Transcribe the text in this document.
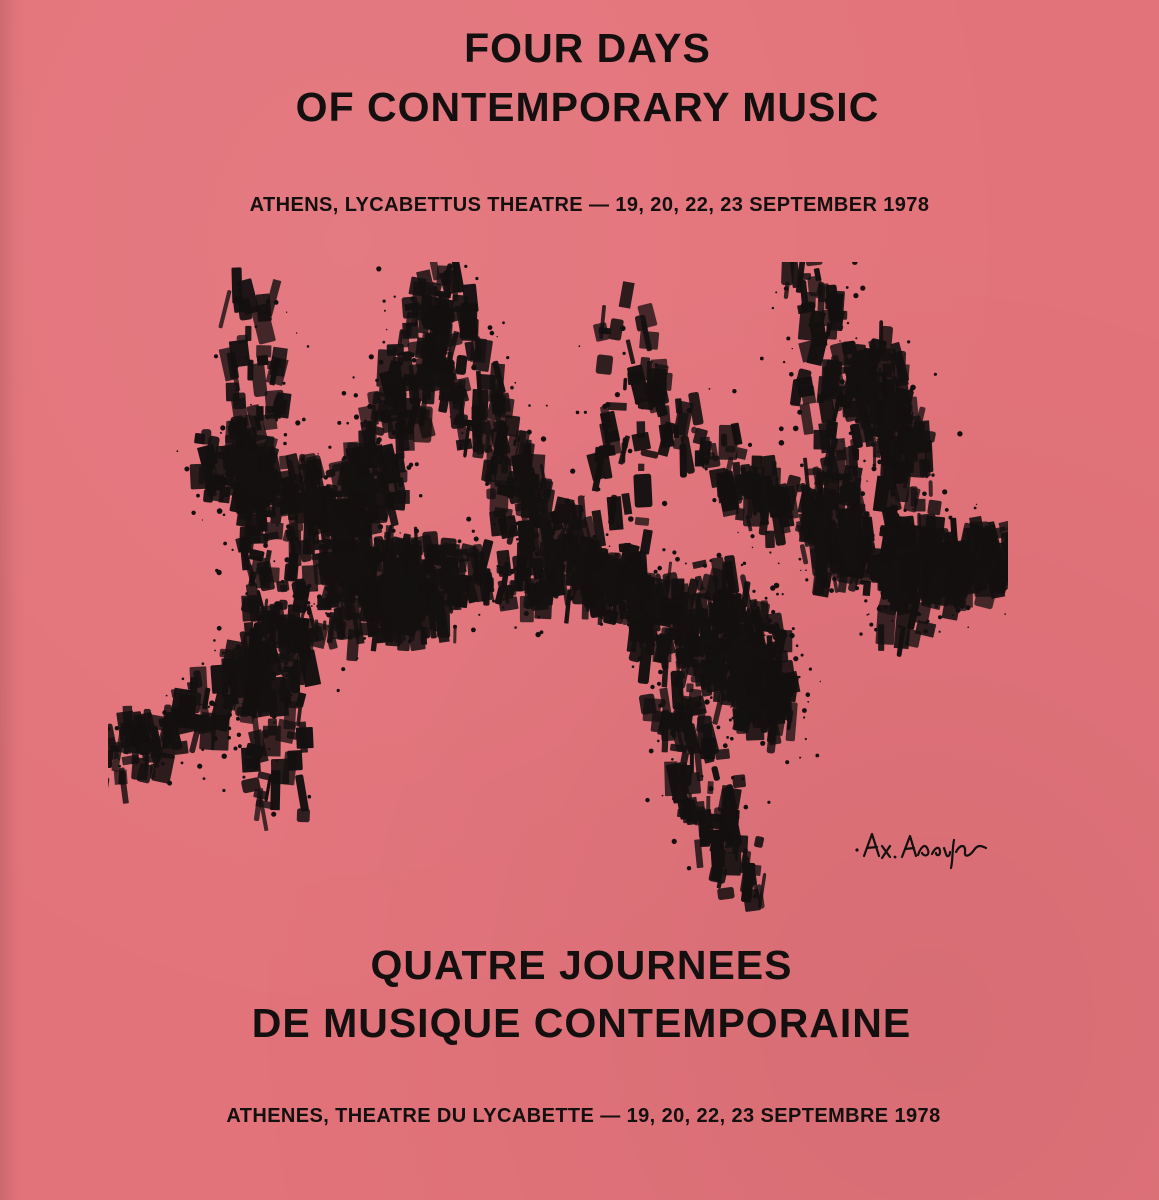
FOUR DAYS
OF CONTEMPORARY MUSIC

ATHENS, LYCABETTUS THEATRE — 19, 20, 22, 23 SEPTEMBER 1978

QUATRE JOURNEES
DE MUSIQUE CONTEMPORAINE

ATHENES, THEATRE DU LYCABETTE — 19, 20, 22, 23 SEPTEMBRE 1978
